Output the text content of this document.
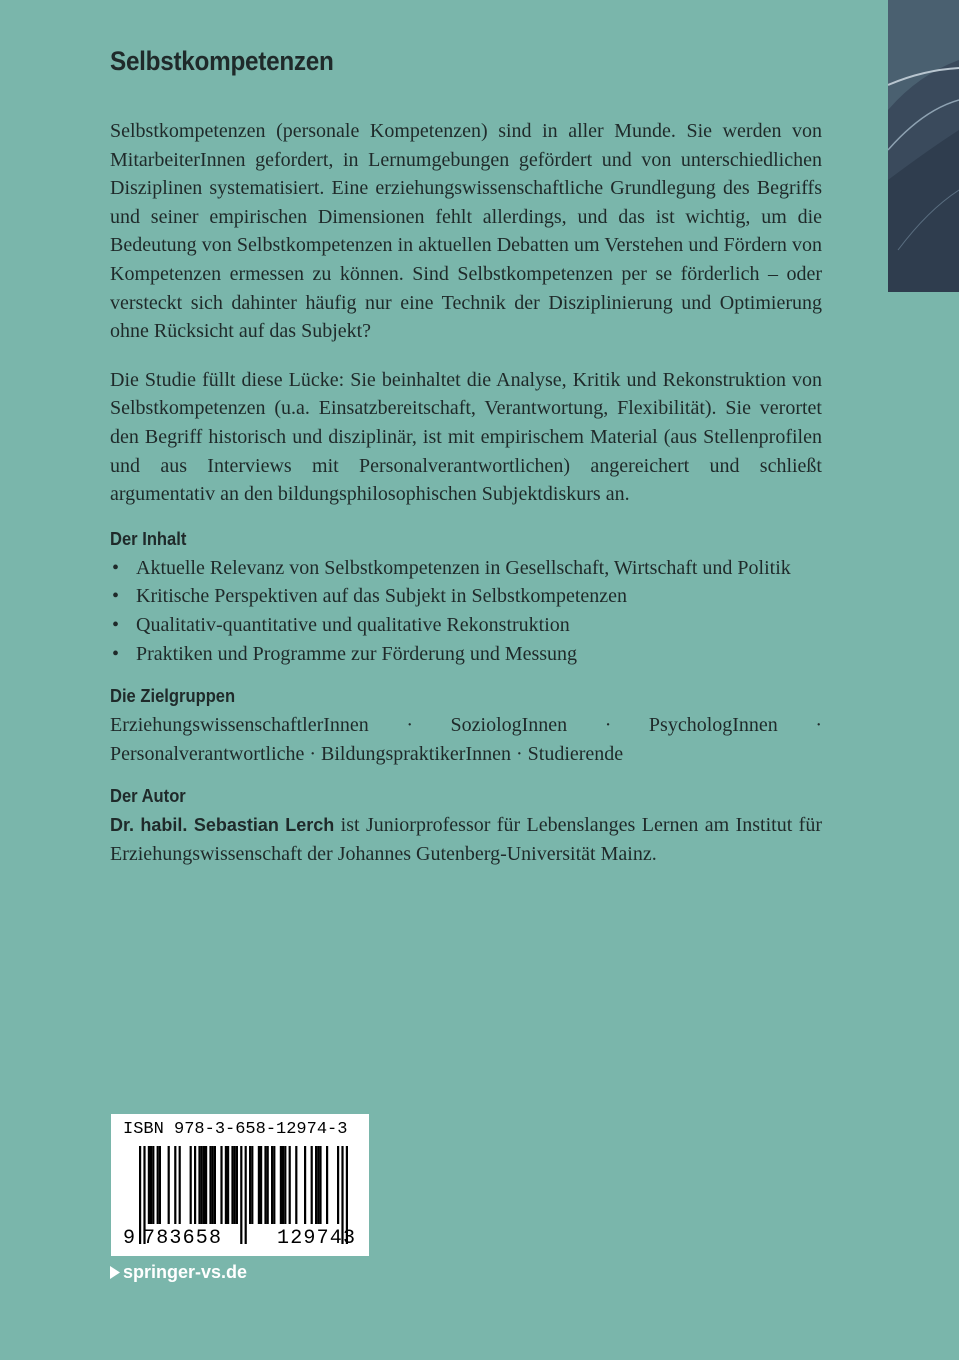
Selbstkompetenzen

Selbstkompetenzen (personale Kompetenzen) sind in aller Munde. Sie werden von MitarbeiterInnen gefordert, in Lernumgebungen gefördert und von unterschiedlichen Disziplinen systematisiert. Eine erziehungswissenschaftliche Grundlegung des Begriffs und seiner empirischen Dimensionen fehlt allerdings, und das ist wichtig, um die Bedeutung von Selbstkompetenzen in aktuellen Debatten um Verstehen und Fördern von Kompetenzen ermessen zu können. Sind Selbstkompetenzen per se förderlich – oder versteckt sich dahinter häufig nur eine Technik der Disziplinierung und Optimierung ohne Rücksicht auf das Subjekt?

Die Studie füllt diese Lücke: Sie beinhaltet die Analyse, Kritik und Rekonstruktion von Selbstkompetenzen (u.a. Einsatzbereitschaft, Verantwortung, Flexibilität). Sie verortet den Begriff historisch und disziplinär, ist mit empirischem Material (aus Stellenprofilen und aus Interviews mit Personalverantwortlichen) angereichert und schließt argumentativ an den bildungsphilosophischen Subjektdiskurs an.

Der Inhalt
• Aktuelle Relevanz von Selbstkompetenzen in Gesellschaft, Wirtschaft und Politik
• Kritische Perspektiven auf das Subjekt in Selbstkompetenzen
• Qualitativ-quantitative und qualitative Rekonstruktion
• Praktiken und Programme zur Förderung und Messung
Die Zielgruppen

ErziehungswissenschaftlerInnen · SoziologInnen · PsychologInnen · Personalverantwortliche · BildungspraktikerInnen · Studierende

Der Autor

Dr. habil. Sebastian Lerch ist Juniorprofessor für Lebenslanges Lernen am Institut für Erziehungswissenschaft der Johannes Gutenberg-Universität Mainz.

ISBN 978-3-658-12974-3
9 783658	129743
springer-vs.de
